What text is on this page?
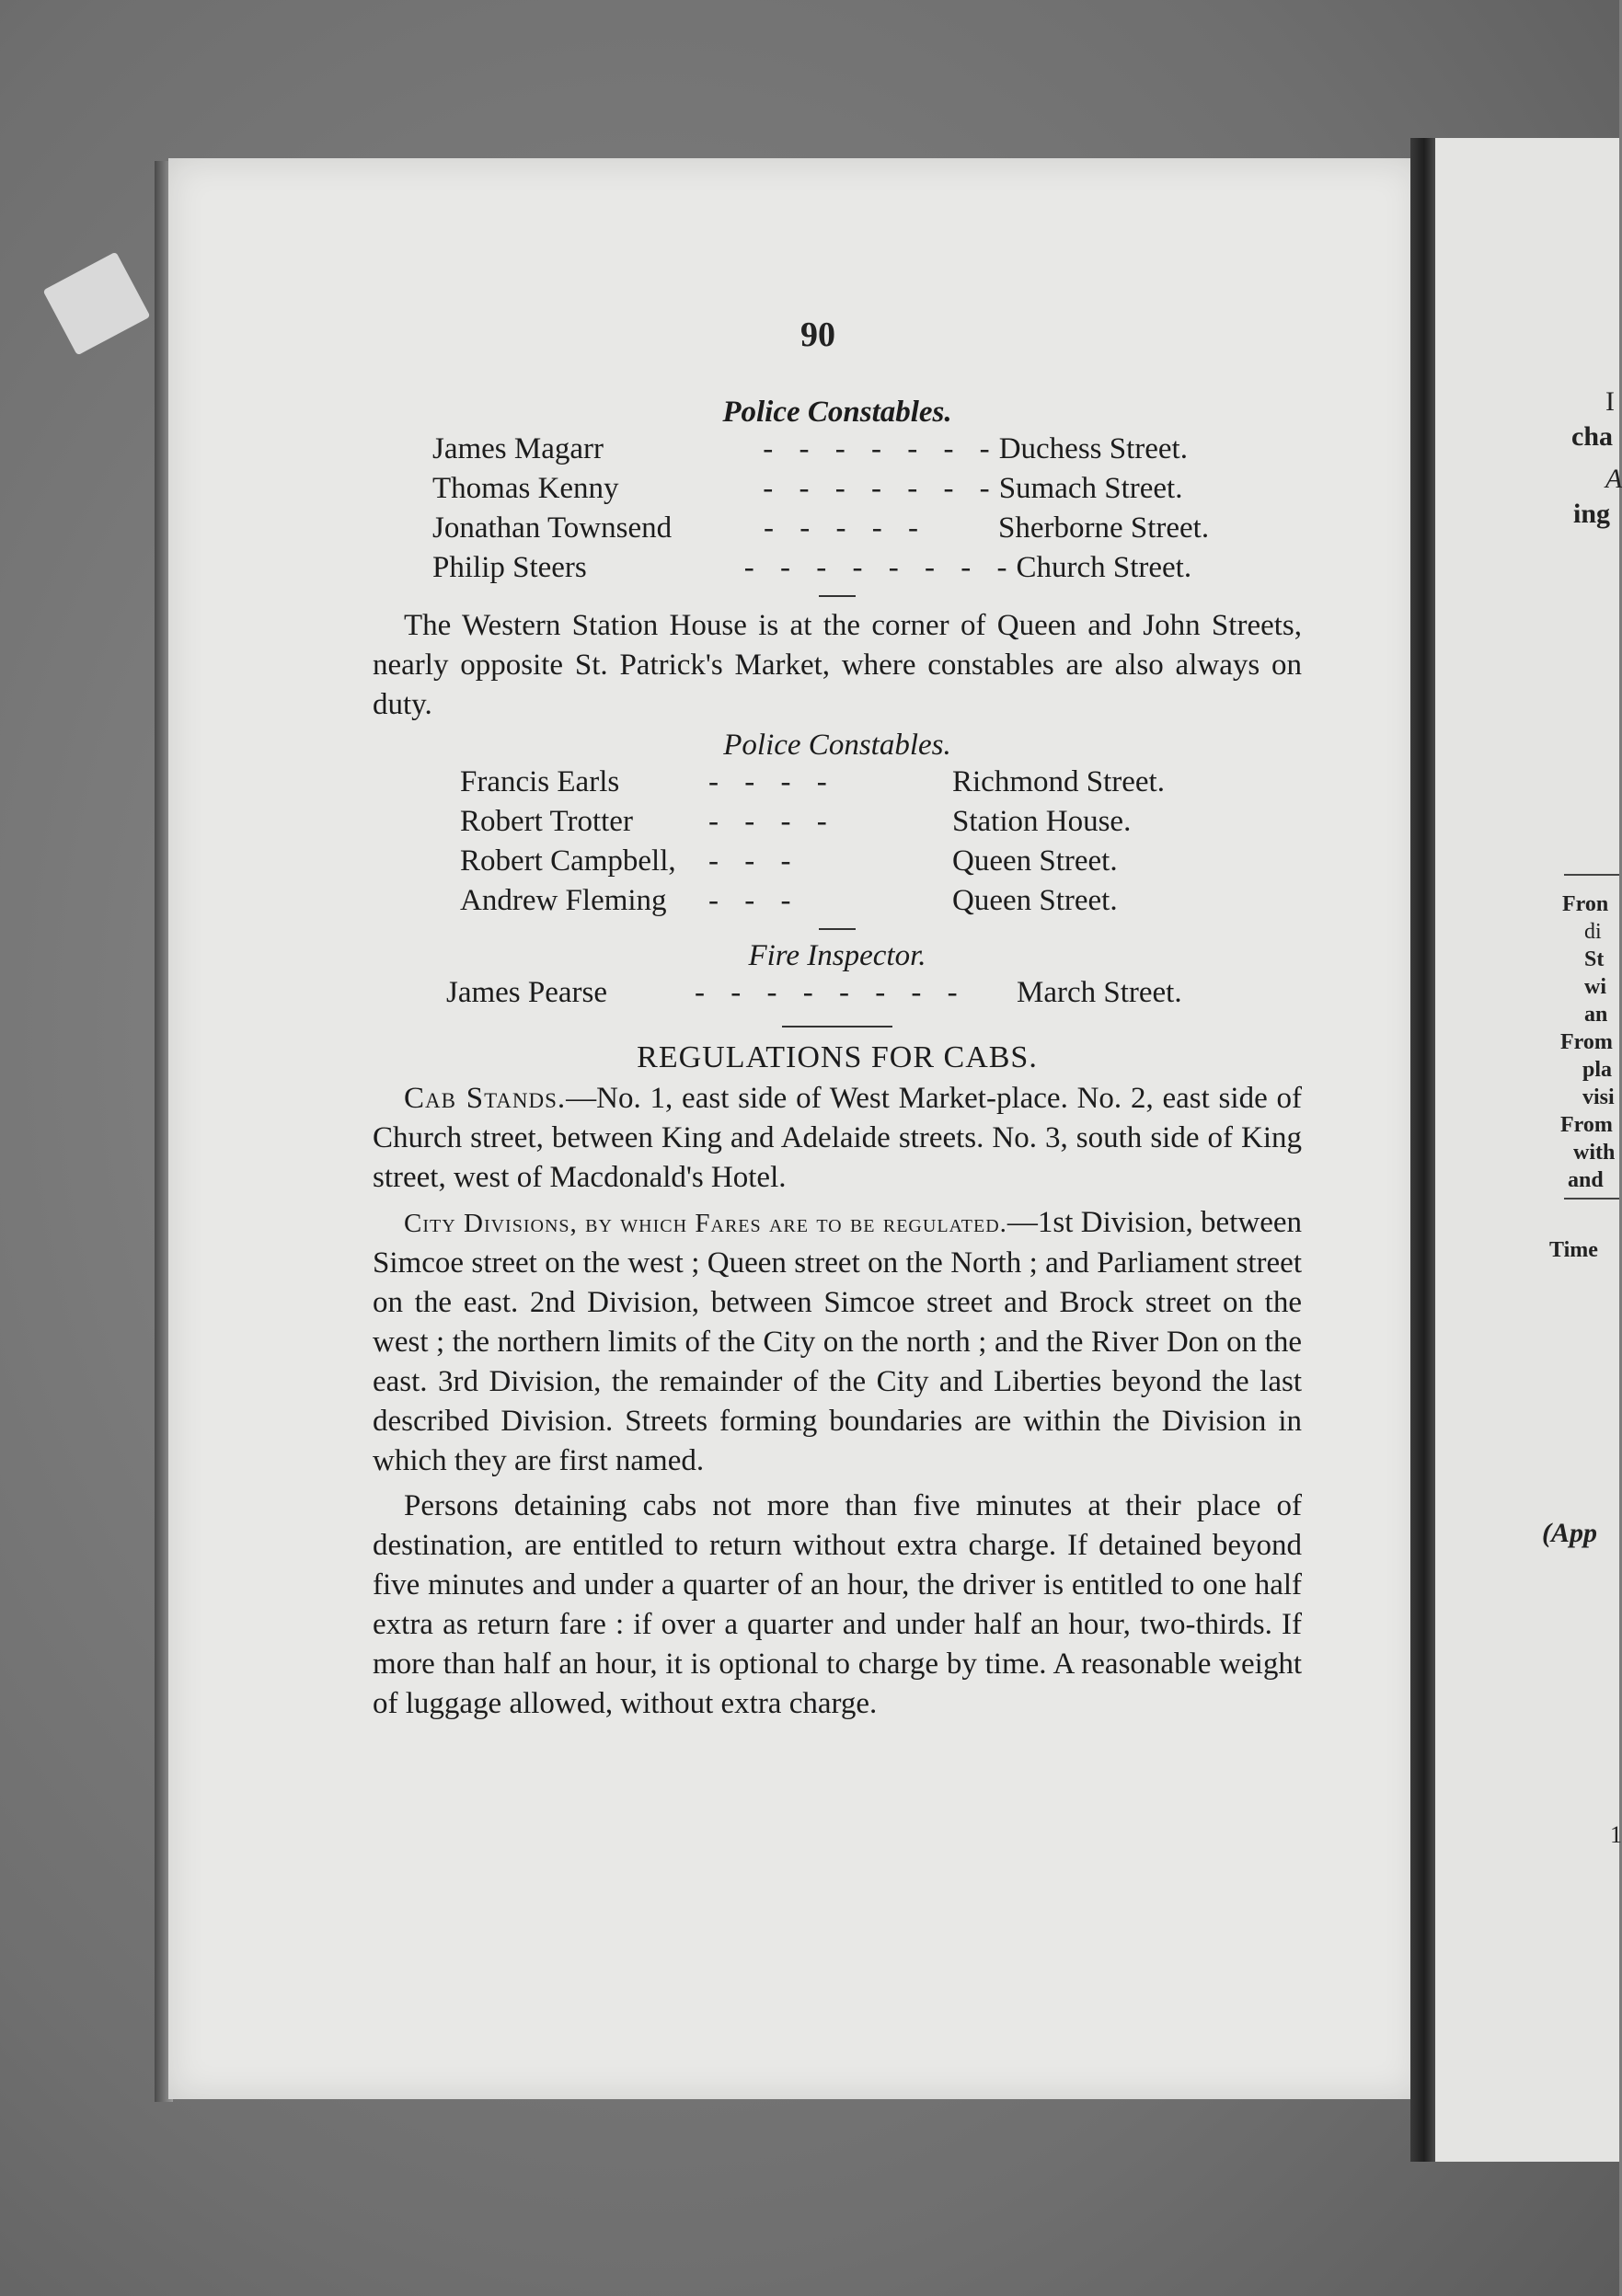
I
cha
A
ing
Fron
di
St
wi
an
From
pla
visi
From
with
and
Time
(App
1
90
Police Constables.
James Magarr	- - - - - - - Duchess Street.
Thomas Kenny	- - - - - - - Sumach Street.
Jonathan Townsend	- - - - -	Sherborne Street.
Philip Steers	- - - - - - - - Church Street.

The Western Station House is at the corner of Queen and John Streets, nearly opposite St. Patrick's Market, where constables are also always on duty.

Police Constables.
Francis Earls	- - - -	Richmond Street.
Robert Trotter	- - - -	Station House.
Robert Campbell,	- - -	Queen Street.
Andrew Fleming	- - -	Queen Street.
Fire Inspector.
James Pearse	- - - - - - - -	March Street.
REGULATIONS FOR CABS.

Cab Stands.—No. 1, east side of West Market-place. No. 2, east side of Church street, between King and Adelaide streets. No. 3, south side of King street, west of Macdonald's Hotel.

City Divisions, by which Fares are to be regulated.—1st Division, between Simcoe street on the west ; Queen street on the North ; and Parliament street on the east. 2nd Division, between Simcoe street and Brock street on the west ; the northern limits of the City on the north ; and the River Don on the east. 3rd Division, the remainder of the City and Liberties beyond the last described Division. Streets forming boundaries are within the Division in which they are first named.

Persons detaining cabs not more than five minutes at their place of destination, are entitled to return without extra charge. If detained beyond five minutes and under a quarter of an hour, the driver is entitled to one half extra as return fare : if over a quarter and under half an hour, two-thirds. If more than half an hour, it is optional to charge by time. A reasonable weight of luggage allowed, without extra charge.
